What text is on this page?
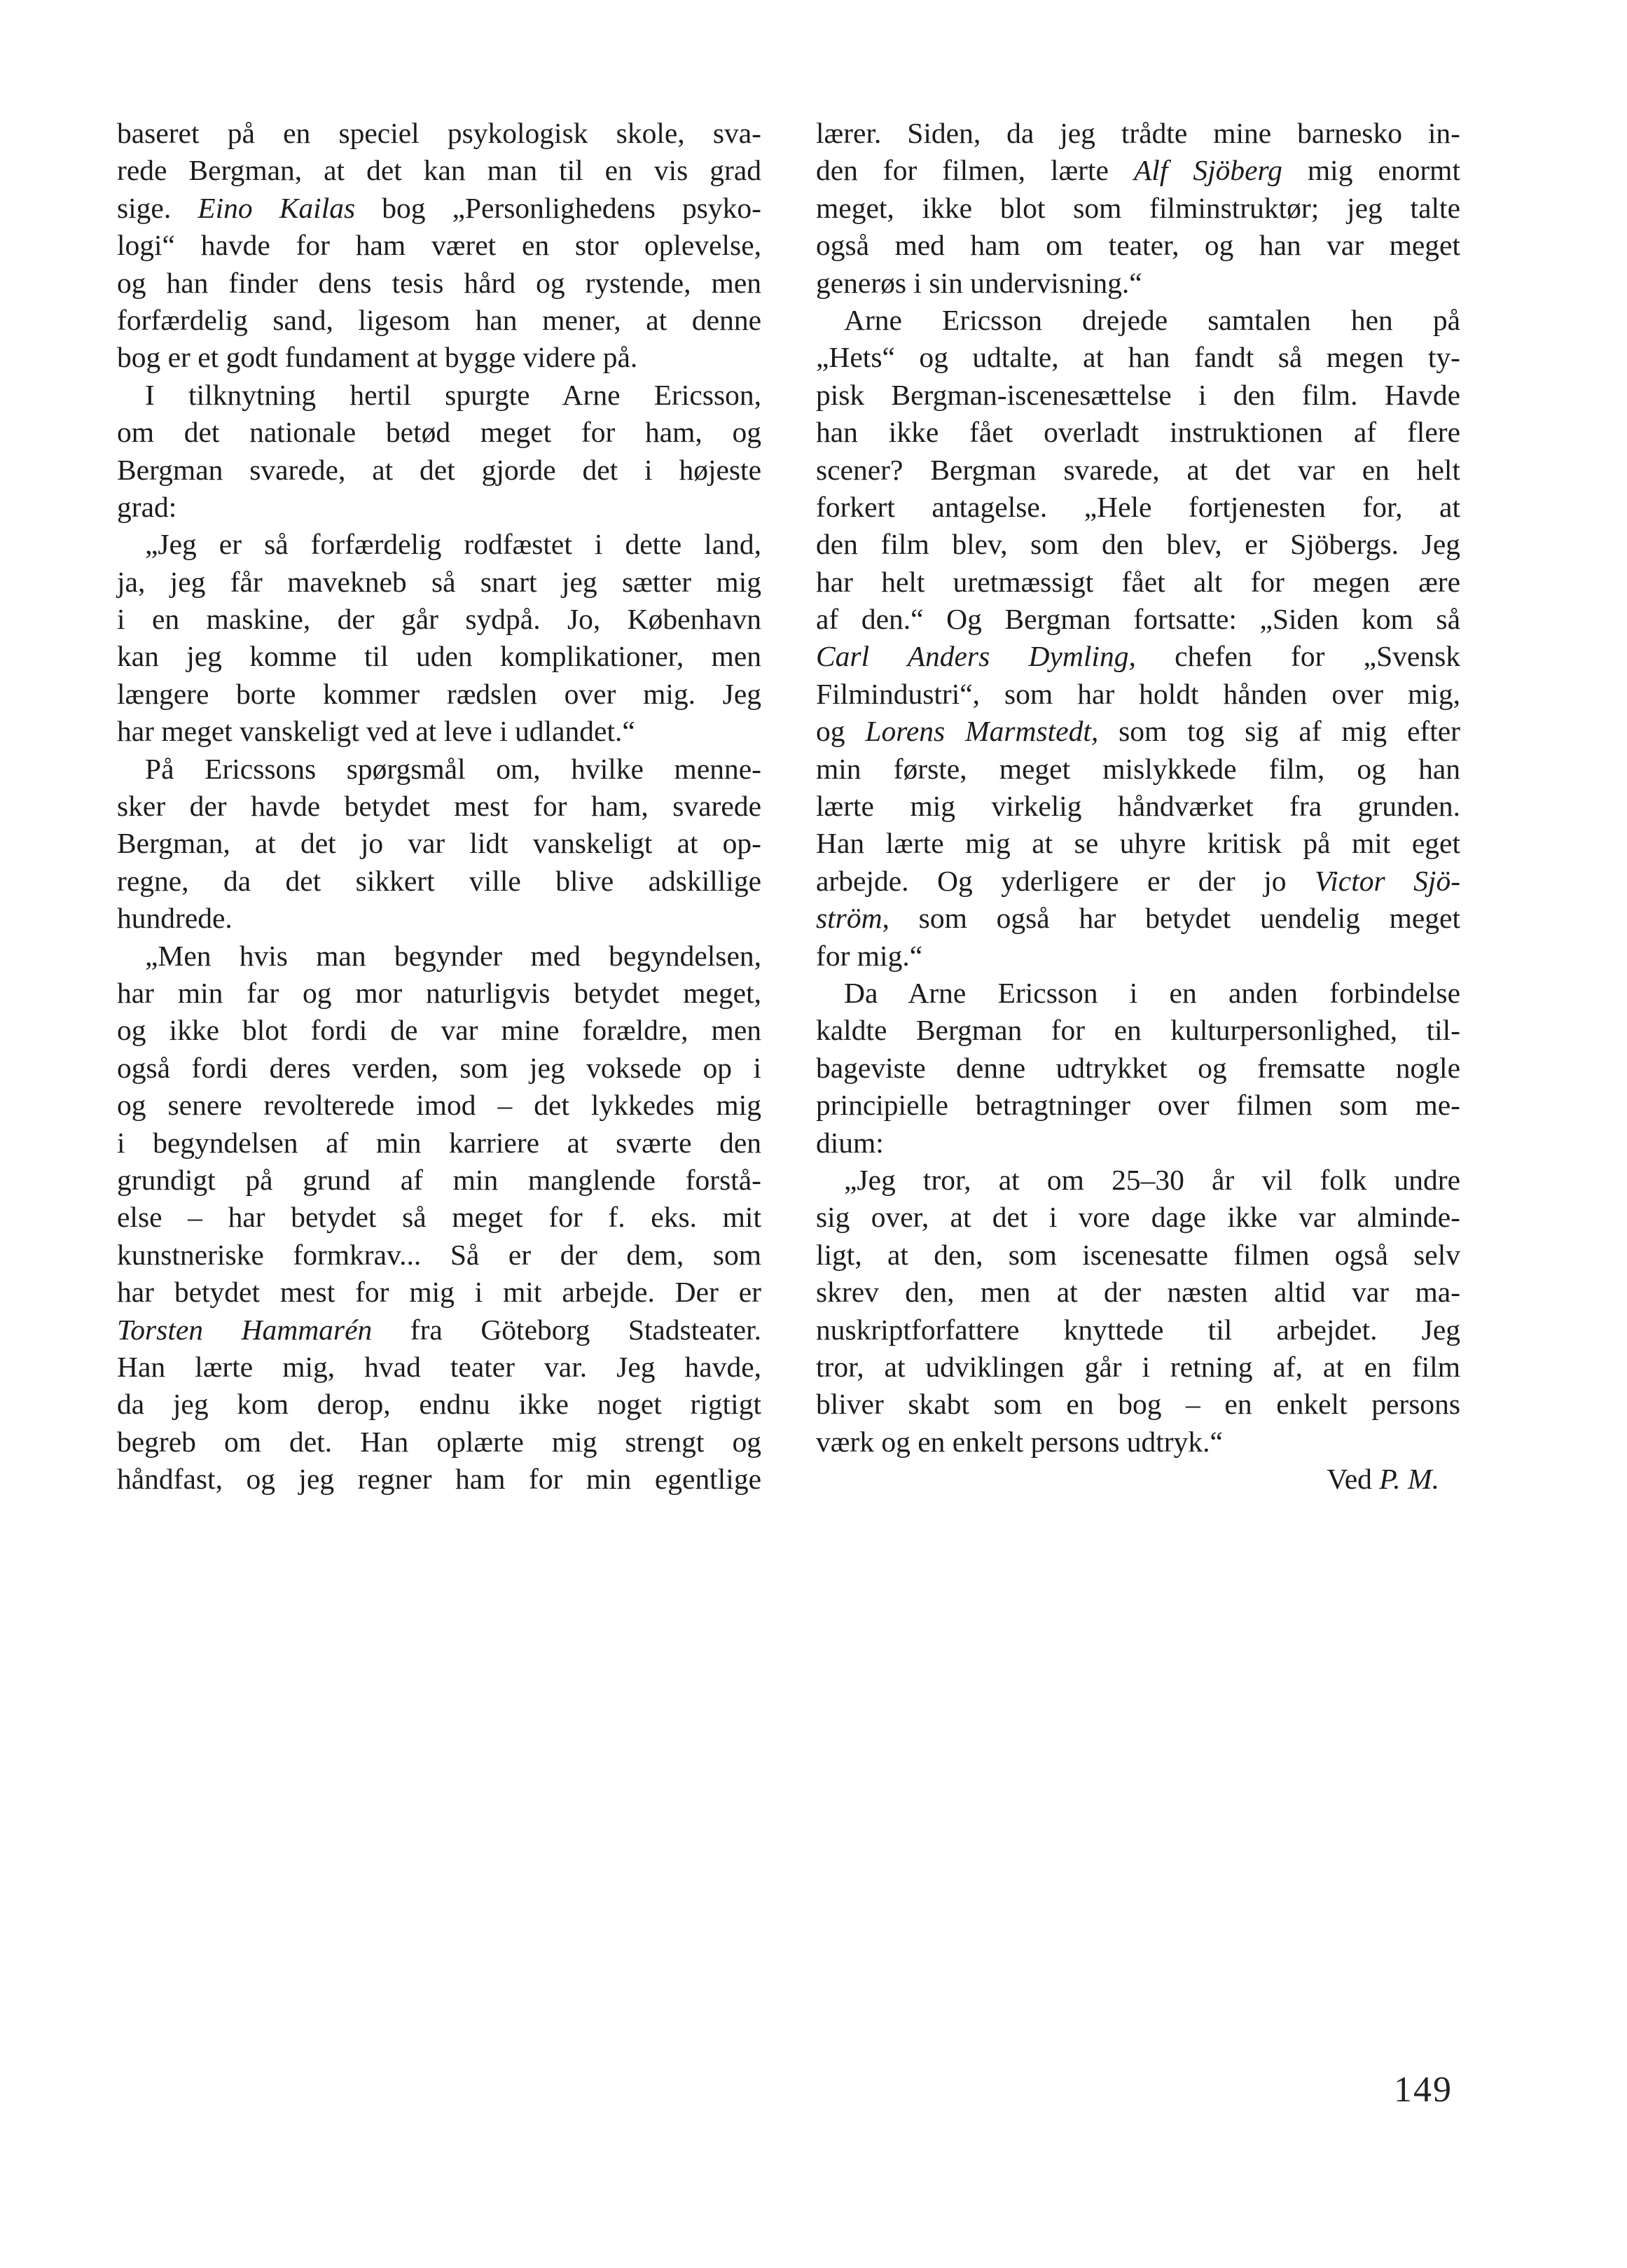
baseret på en speciel psykologisk skole, sva-
rede Bergman, at det kan man til en vis grad
sige. Eino Kailas bog „Personlighedens psyko-
logi“ havde for ham været en stor oplevelse,
og han finder dens tesis hård og rystende, men
forfærdelig sand, ligesom han mener, at denne
bog er et godt fundament at bygge videre på.
I tilknytning hertil spurgte Arne Ericsson,
om det nationale betød meget for ham, og
Bergman svarede, at det gjorde det i højeste
grad:
„Jeg er så forfærdelig rodfæstet i dette land,
ja, jeg får mavekneb så snart jeg sætter mig
i en maskine, der går sydpå. Jo, København
kan jeg komme til uden komplikationer, men
længere borte kommer rædslen over mig. Jeg
har meget vanskeligt ved at leve i udlandet.“
På Ericssons spørgsmål om, hvilke menne-
sker der havde betydet mest for ham, svarede
Bergman, at det jo var lidt vanskeligt at op-
regne, da det sikkert ville blive adskillige
hundrede.
„Men hvis man begynder med begyndelsen,
har min far og mor naturligvis betydet meget,
og ikke blot fordi de var mine forældre, men
også fordi deres verden, som jeg voksede op i
og senere revolterede imod – det lykkedes mig
i begyndelsen af min karriere at sværte den
grundigt på grund af min manglende forstå-
else – har betydet så meget for f. eks. mit
kunstneriske formkrav... Så er der dem, som
har betydet mest for mig i mit arbejde. Der er
Torsten Hammarén fra Göteborg Stadsteater.
Han lærte mig, hvad teater var. Jeg havde,
da jeg kom derop, endnu ikke noget rigtigt
begreb om det. Han oplærte mig strengt og
håndfast, og jeg regner ham for min egentlige
lærer. Siden, da jeg trådte mine barnesko in-
den for filmen, lærte Alf Sjöberg mig enormt
meget, ikke blot som filminstruktør; jeg talte
også med ham om teater, og han var meget
generøs i sin undervisning.“
Arne Ericsson drejede samtalen hen på
„Hets“ og udtalte, at han fandt så megen ty-
pisk Bergman-iscenesættelse i den film. Havde
han ikke fået overladt instruktionen af flere
scener? Bergman svarede, at det var en helt
forkert antagelse. „Hele fortjenesten for, at
den film blev, som den blev, er Sjöbergs. Jeg
har helt uretmæssigt fået alt for megen ære
af den.“ Og Bergman fortsatte: „Siden kom så
Carl Anders Dymling, chefen for „Svensk
Filmindustri“, som har holdt hånden over mig,
og Lorens Marmstedt, som tog sig af mig efter
min første, meget mislykkede film, og han
lærte mig virkelig håndværket fra grunden.
Han lærte mig at se uhyre kritisk på mit eget
arbejde. Og yderligere er der jo Victor Sjö-
ström, som også har betydet uendelig meget
for mig.“
Da Arne Ericsson i en anden forbindelse
kaldte Bergman for en kulturpersonlighed, til-
bageviste denne udtrykket og fremsatte nogle
principielle betragtninger over filmen som me-
dium:
„Jeg tror, at om 25–30 år vil folk undre
sig over, at det i vore dage ikke var alminde-
ligt, at den, som iscenesatte filmen også selv
skrev den, men at der næsten altid var ma-
nuskriptforfattere knyttede til arbejdet. Jeg
tror, at udviklingen går i retning af, at en film
bliver skabt som en bog – en enkelt persons
værk og en enkelt persons udtryk.“
Ved P. M.
149
